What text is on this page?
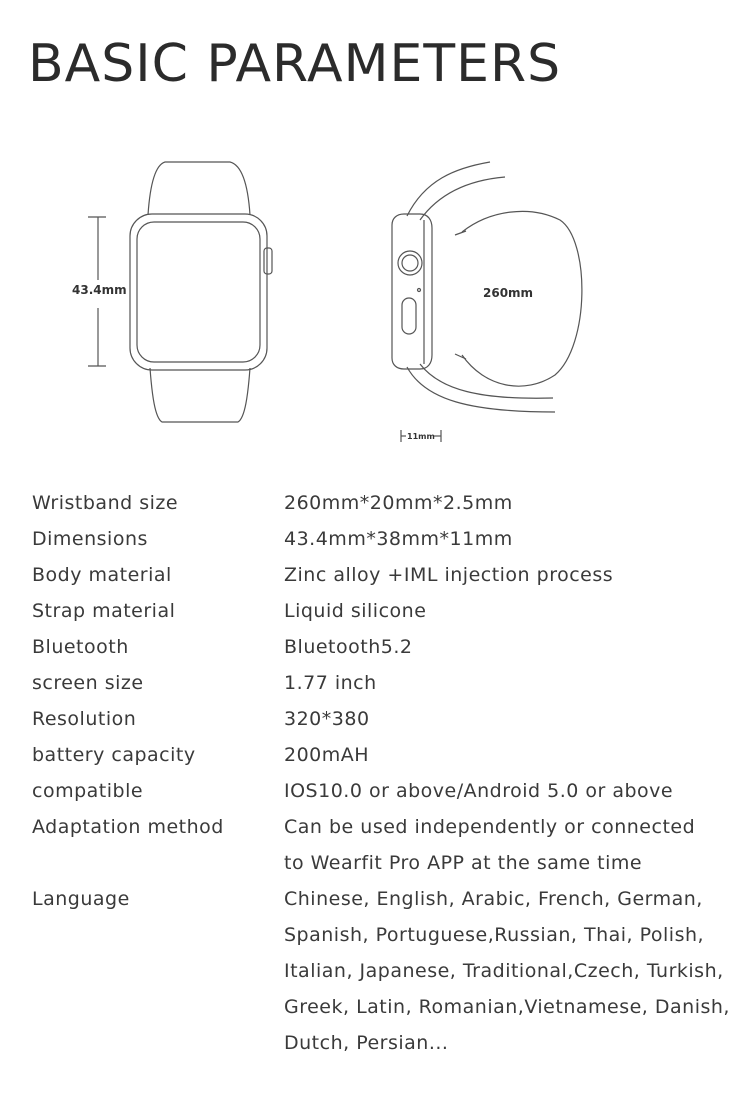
BASIC PARAMETERS
43.4mm	260mm
11mm
Wristband size	260mm*20mm*2.5mm
Dimensions	43.4mm*38mm*11mm
Body material	Zinc alloy +IML injection process
Strap material	Liquid silicone
Bluetooth	Bluetooth5.2
screen size	1.77 inch
Resolution	320*380
battery capacity	200mAH
compatible	IOS10.0 or above/Android 5.0 or above
Adaptation method	Can be used independently or connected
to Wearfit Pro APP at the same time
Language	Chinese, English, Arabic, French, German,
Spanish, Portuguese,Russian, Thai, Polish,
Italian, Japanese, Traditional,Czech, Turkish,
Greek, Latin, Romanian,Vietnamese, Danish,
Dutch, Persian...
